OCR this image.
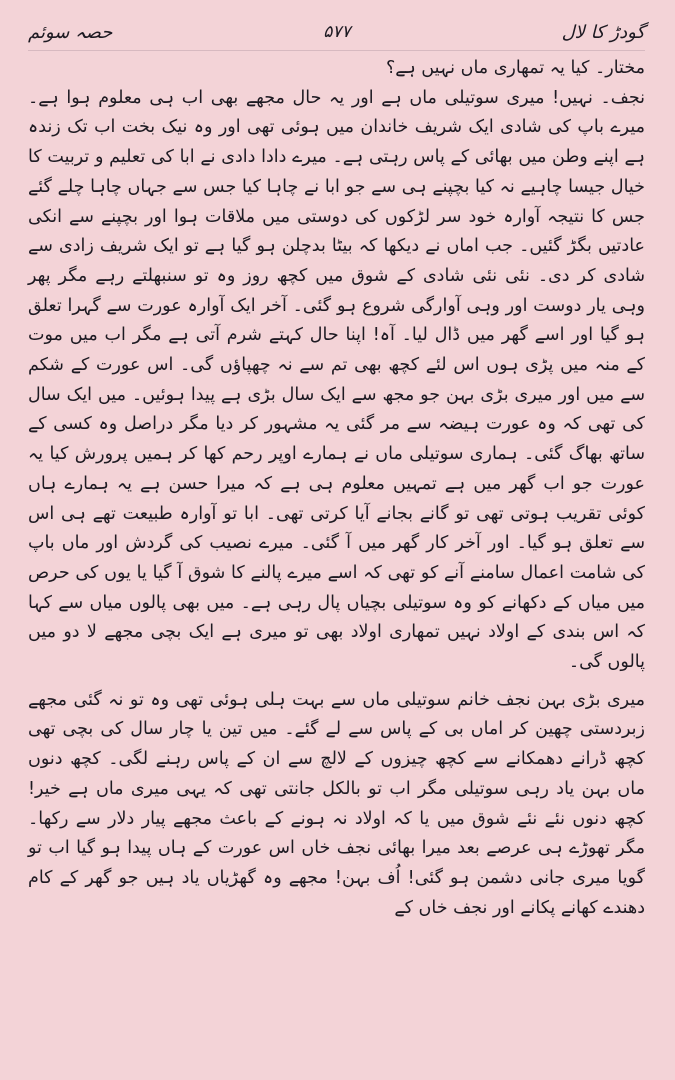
حصہ سوئم	۵۷۷	گودڑ کا لال

مختار۔ کیا یہ تمھاری ماں نہیں ہے؟

نجف۔ نہیں! میری سوتیلی ماں ہے اور یہ حال مجھے بھی اب ہی معلوم ہوا ہے۔ میرے باپ کی شادی ایک شریف خاندان میں ہوئی تھی اور وہ نیک بخت اب تک زندہ ہے اپنے وطن میں بھائی کے پاس رہتی ہے۔ میرے دادا دادی نے ابا کی تعلیم و تربیت کا خیال جیسا چاہیے نہ کیا بچپنے ہی سے جو ابا نے چاہا کیا جس سے جہاں چاہا چلے گئے جس کا نتیجہ آوارہ خود سر لڑکوں کی دوستی میں ملاقات ہوا اور بچپنے سے انکی عادتیں بگڑ گئیں۔ جب اماں نے دیکھا کہ بیٹا بدچلن ہو گیا ہے تو ایک شریف زادی سے شادی کر دی۔ نئی نئی شادی کے شوق میں کچھ روز وہ تو سنبھلتے رہے مگر پھر وہی یار دوست اور وہی آوارگی شروع ہو گئی۔ آخر ایک آوارہ عورت سے گہرا تعلق ہو گیا اور اسے گھر میں ڈال لیا۔ آہ! اپنا حال کہتے شرم آتی ہے مگر اب میں موت کے منہ میں پڑی ہوں اس لئے کچھ بھی تم سے نہ چھپاؤں گی۔ اس عورت کے شکم سے میں اور میری بڑی بہن جو مجھ سے ایک سال بڑی ہے پیدا ہوئیں۔ میں ایک سال کی تھی کہ وہ عورت ہیضہ سے مر گئی یہ مشہور کر دیا مگر دراصل وہ کسی کے ساتھ بھاگ گئی۔ ہماری سوتیلی ماں نے ہمارے اوپر رحم کھا کر ہمیں پرورش کیا یہ عورت جو اب گھر میں ہے تمہیں معلوم ہی ہے کہ میرا حسن ہے یہ ہمارے ہاں کوئی تقریب ہوتی تھی تو گانے بجانے آیا کرتی تھی۔ ابا تو آوارہ طبیعت تھے ہی اس سے تعلق ہو گیا۔ اور آخر کار گھر میں آ گئی۔ میرے نصیب کی گردش اور ماں باپ کی شامت اعمال سامنے آنے کو تھی کہ اسے میرے پالنے کا شوق آ گیا یا یوں کی حرص میں میاں کے دکھانے کو وہ سوتیلی بچیاں پال رہی ہے۔ میں بھی پالوں میاں سے کہا کہ اس بندی کے اولاد نہیں تمھاری اولاد بھی تو میری ہے ایک بچی مجھے لا دو میں پالوں گی۔

میری بڑی بہن نجف خانم سوتیلی ماں سے بہت ہلی ہوئی تھی وہ تو نہ گئی مجھے زبردستی چھین کر اماں بی کے پاس سے لے گئے۔ میں تین یا چار سال کی بچی تھی کچھ ڈرانے دھمکانے سے کچھ چیزوں کے لالچ سے ان کے پاس رہنے لگی۔ کچھ دنوں ماں بہن یاد رہی سوتیلی مگر اب تو بالکل جانتی تھی کہ یہی میری ماں ہے خیر! کچھ دنوں نئے نئے شوق میں یا کہ اولاد نہ ہونے کے باعث مجھے پیار دلار سے رکھا۔ مگر تھوڑے ہی عرصے بعد میرا بھائی نجف خاں اس عورت کے ہاں پیدا ہو گیا اب تو گویا میری جانی دشمن ہو گئی! اُف بہن! مجھے وہ گھڑیاں یاد ہیں جو گھر کے کام دھندے کھانے پکانے اور نجف خاں کے
